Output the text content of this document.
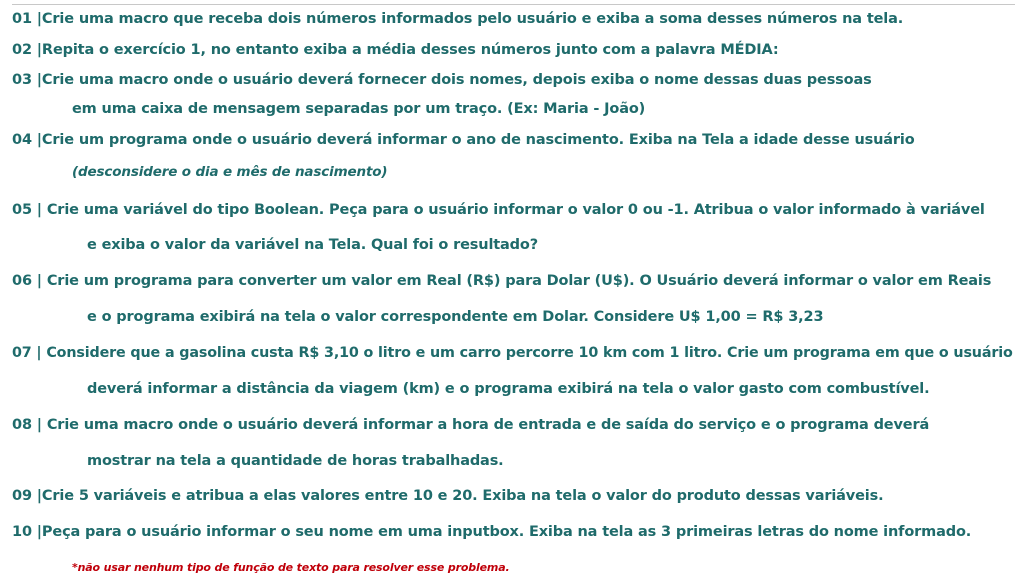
01 |Crie uma macro que receba dois números informados pelo usuário e exiba a soma desses números na tela.
02 |Repita o exercício 1, no entanto exiba a média desses números junto com a palavra MÉDIA:
03 |Crie uma macro onde o usuário deverá fornecer dois nomes, depois exiba o nome dessas duas pessoas
em uma caixa de mensagem separadas por um traço. (Ex: Maria - João)
04 |Crie um programa onde o usuário deverá informar o ano de nascimento. Exiba na Tela a idade desse usuário
(desconsidere o dia e mês de nascimento)
05 | Crie uma variável do tipo Boolean. Peça para o usuário informar o valor 0 ou -1. Atribua o valor informado à variável
e exiba o valor da variável na Tela. Qual foi o resultado?
06 | Crie um programa para converter um valor em Real (R$) para Dolar (U$). O Usuário deverá informar o valor em Reais
e o programa exibirá na tela o valor correspondente em Dolar. Considere U$ 1,00 = R$ 3,23
07 | Considere que a gasolina custa R$ 3,10 o litro e um carro percorre 10 km com 1 litro. Crie um programa em que o usuário
deverá informar a distância da viagem (km) e o programa exibirá na tela o valor gasto com combustível.
08 | Crie uma macro onde o usuário deverá informar a hora de entrada e de saída do serviço e o programa deverá
mostrar na tela a quantidade de horas trabalhadas.
09 |Crie 5 variáveis e atribua a elas valores entre 10 e 20. Exiba na tela o valor do produto dessas variáveis.
10 |Peça para o usuário informar o seu nome em uma inputbox. Exiba na tela as 3 primeiras letras do nome informado.
*não usar nenhum tipo de função de texto para resolver esse problema.
